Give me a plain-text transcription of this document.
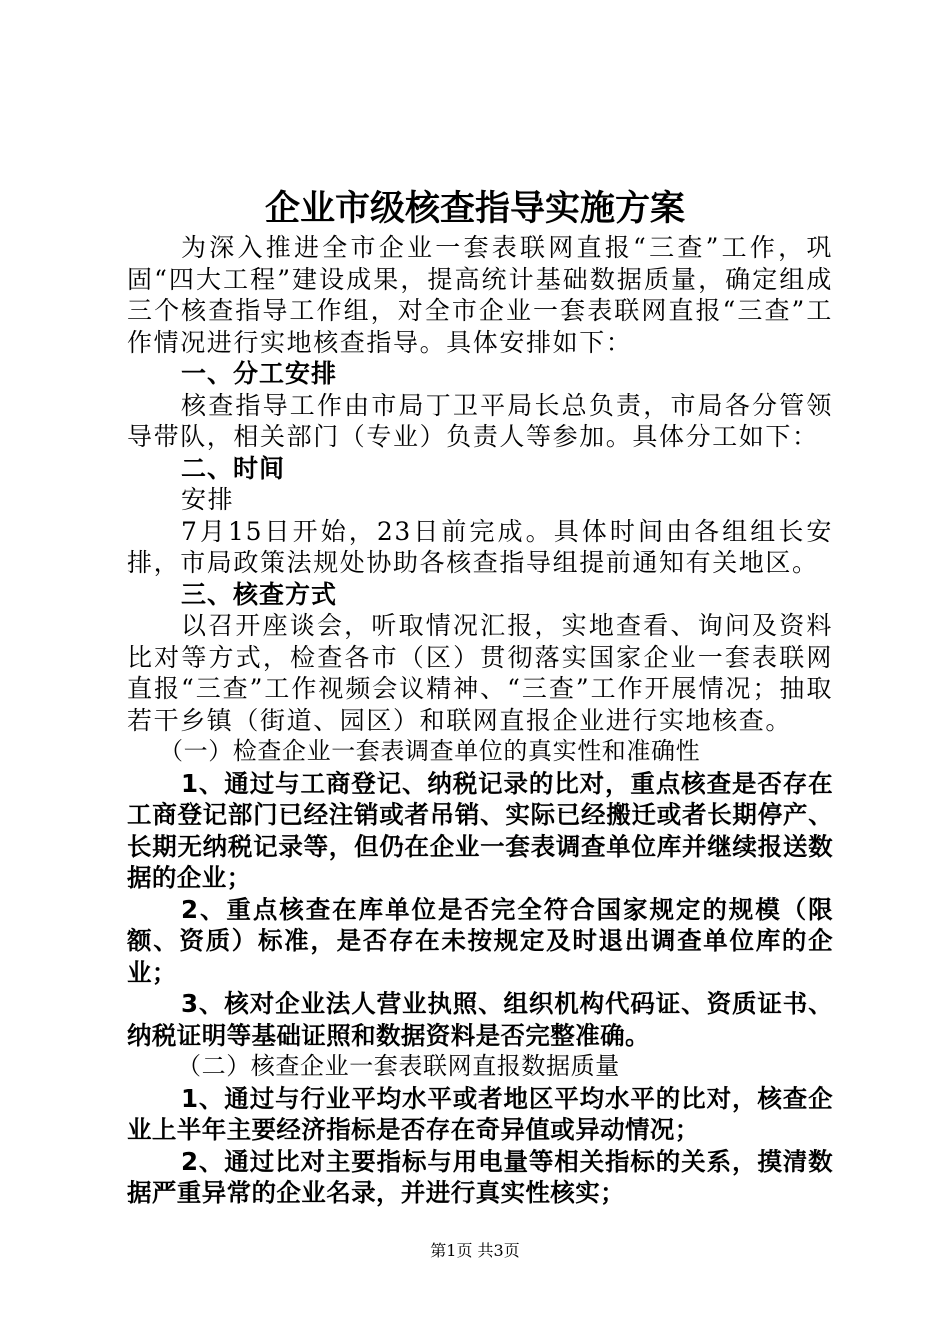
企业市级核查指导实施方案

为深入推进全市企业一套表联网直报“三查”工作，巩固“四大工程”建设成果，提高统计基础数据质量，确定组成三个核查指导工作组，对全市企业一套表联网直报“三查”工作情况进行实地核查指导。具体安排如下：

一、分工安排

核查指导工作由市局丁卫平局长总负责，市局各分管领导带队，相关部门（专业）负责人等参加。具体分工如下：

二、时间

安排

7月15日开始，23日前完成。具体时间由各组组长安排，市局政策法规处协助各核查指导组提前通知有关地区。

三、核查方式

以召开座谈会，听取情况汇报，实地查看、询问及资料比对等方式，检查各市（区）贯彻落实国家企业一套表联网直报“三查”工作视频会议精神、“三查”工作开展情况；抽取若干乡镇（街道、园区）和联网直报企业进行实地核查。

（一）检查企业一套表调查单位的真实性和准确性

1、通过与工商登记、纳税记录的比对，重点核查是否存在工商登记部门已经注销或者吊销、实际已经搬迁或者长期停产、长期无纳税记录等，但仍在企业一套表调查单位库并继续报送数据的企业；

2、重点核查在库单位是否完全符合国家规定的规模（限额、资质）标准，是否存在未按规定及时退出调查单位库的企业；

3、核对企业法人营业执照、组织机构代码证、资质证书、纳税证明等基础证照和数据资料是否完整准确。

（二）核查企业一套表联网直报数据质量

1、通过与行业平均水平或者地区平均水平的比对，核查企业上半年主要经济指标是否存在奇异值或异动情况；

2、通过比对主要指标与用电量等相关指标的关系，摸清数据严重异常的企业名录，并进行真实性核实；

第1页 共3页
